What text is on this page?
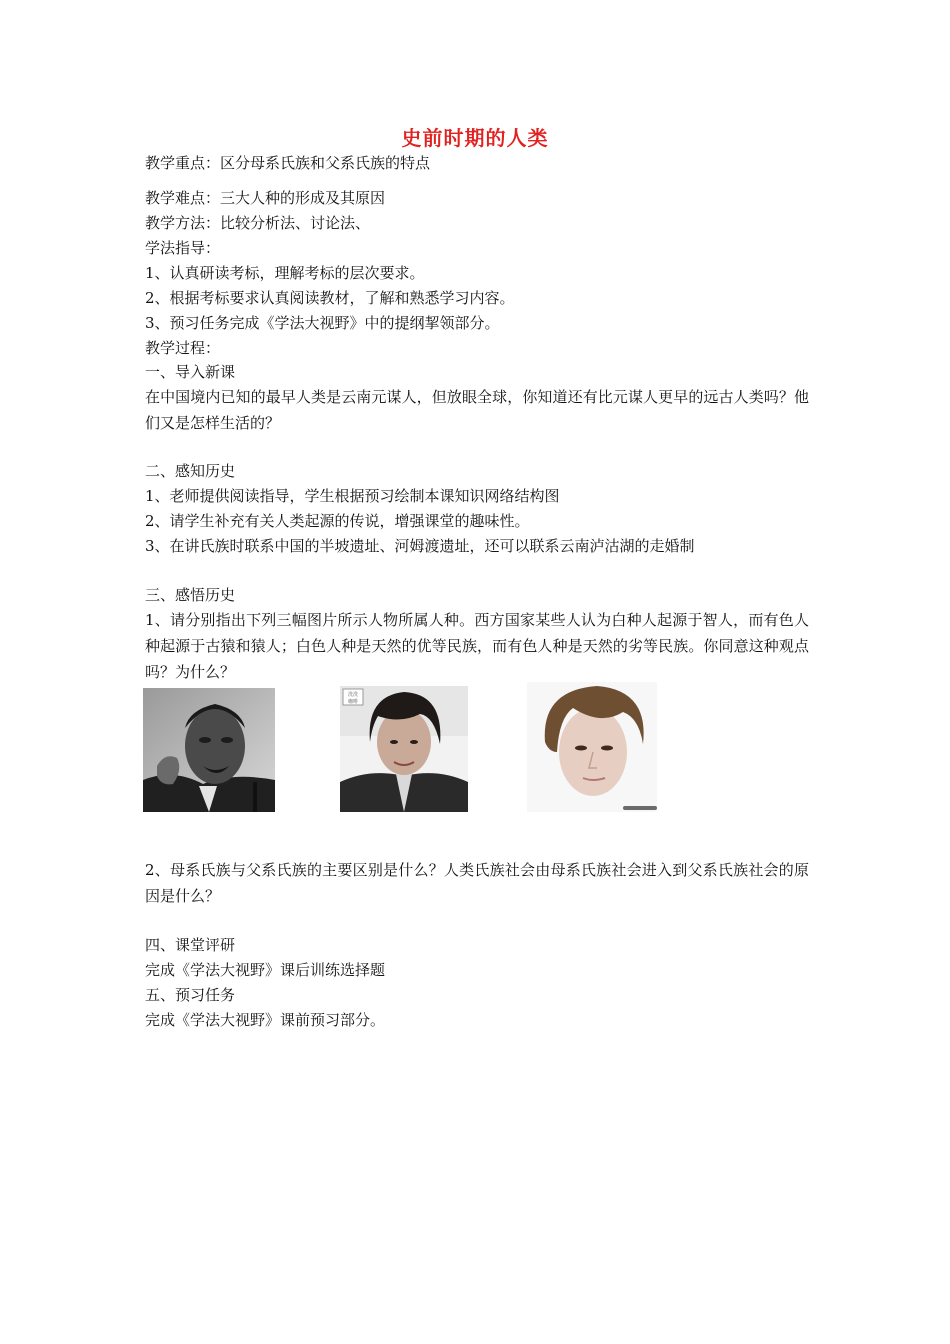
史前时期的人类
教学重点：区分母系氏族和父系氏族的特点
教学难点：三大人种的形成及其原因
教学方法：比较分析法、讨论法、
学法指导：
1、认真研读考标，理解考标的层次要求。
2、根据考标要求认真阅读教材，了解和熟悉学习内容。
3、预习任务完成《学法大视野》中的提纲挈领部分。
教学过程：
一、导入新课
在中国境内已知的最早人类是云南元谋人，但放眼全球，你知道还有比元谋人更早的远古人类吗？他们又是怎样生活的？
二、感知历史
1、老师提供阅读指导，学生根据预习绘制本课知识网络结构图
2、请学生补充有关人类起源的传说，增强课堂的趣味性。
3、在讲氏族时联系中国的半坡遗址、河姆渡遗址，还可以联系云南泸沽湖的走婚制
三、感悟历史
1、请分别指出下列三幅图片所示人物所属人种。西方国家某些人认为白种人起源于智人，而有色人种起源于古猿和猿人；白色人种是天然的优等民族，而有色人种是天然的劣等民族。你同意这种观点吗？为什么？
洗洗
咖啡
2、母系氏族与父系氏族的主要区别是什么？人类氏族社会由母系氏族社会进入到父系氏族社会的原因是什么？
四、课堂评研
完成《学法大视野》课后训练选择题
五、预习任务
完成《学法大视野》课前预习部分。
